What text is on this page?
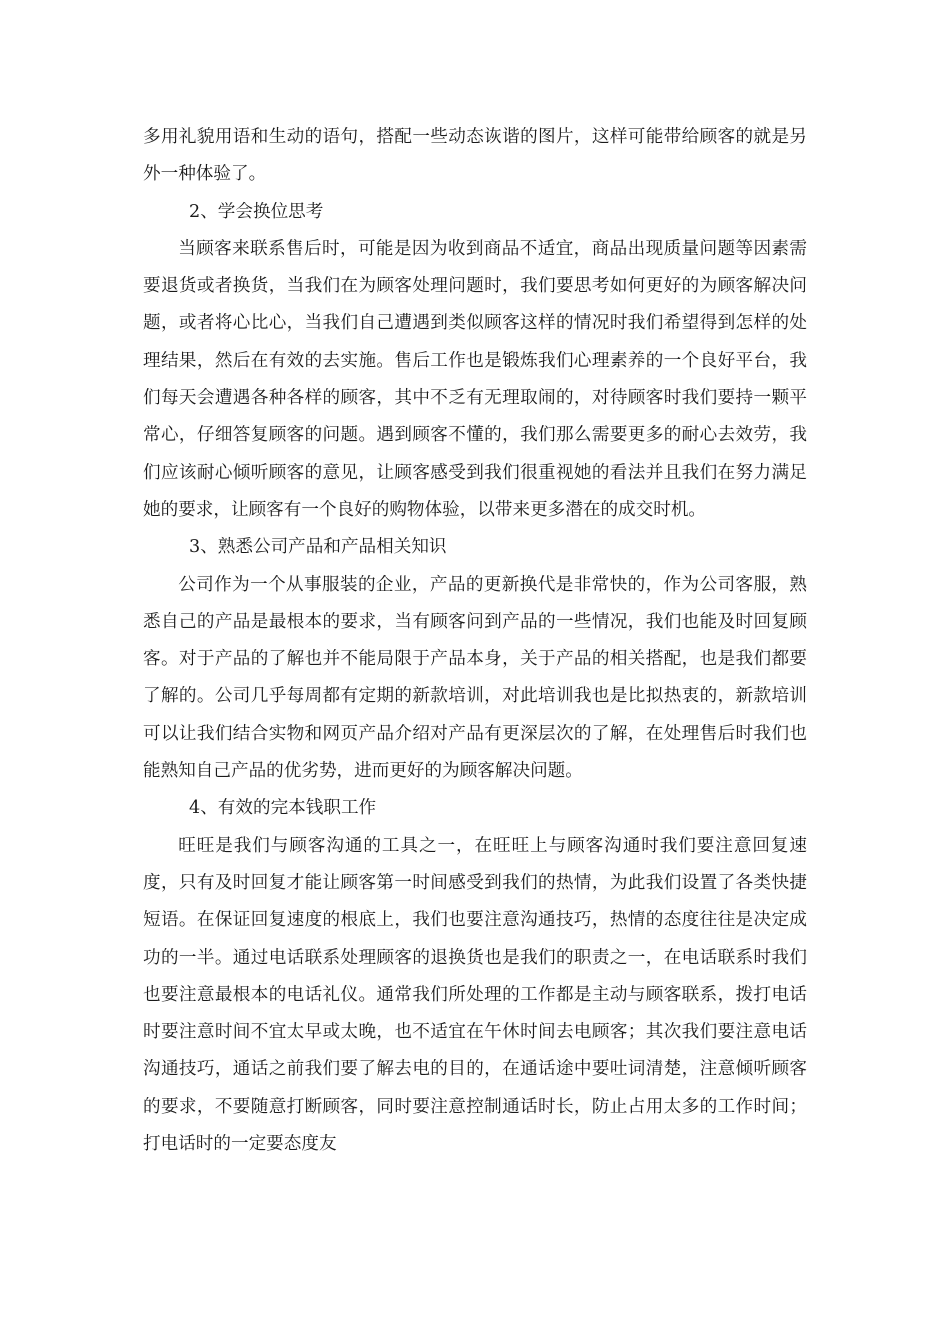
多用礼貌用语和生动的语句，搭配一些动态诙谐的图片，这样可能带给顾客的就是另外一种体验了。

2、学会换位思考

当顾客来联系售后时，可能是因为收到商品不适宜，商品出现质量问题等因素需要退货或者换货，当我们在为顾客处理问题时，我们要思考如何更好的为顾客解决问题，或者将心比心，当我们自己遭遇到类似顾客这样的情况时我们希望得到怎样的处理结果，然后在有效的去实施。售后工作也是锻炼我们心理素养的一个良好平台，我们每天会遭遇各种各样的顾客，其中不乏有无理取闹的，对待顾客时我们要持一颗平常心，仔细答复顾客的问题。遇到顾客不懂的，我们那么需要更多的耐心去效劳，我们应该耐心倾听顾客的意见，让顾客感受到我们很重视她的看法并且我们在努力满足她的要求，让顾客有一个良好的购物体验，以带来更多潜在的成交时机。

3、熟悉公司产品和产品相关知识

公司作为一个从事服装的企业，产品的更新换代是非常快的，作为公司客服，熟悉自己的产品是最根本的要求，当有顾客问到产品的一些情况，我们也能及时回复顾客。对于产品的了解也并不能局限于产品本身，关于产品的相关搭配，也是我们都要了解的。公司几乎每周都有定期的新款培训，对此培训我也是比拟热衷的，新款培训可以让我们结合实物和网页产品介绍对产品有更深层次的了解，在处理售后时我们也能熟知自己产品的优劣势，进而更好的为顾客解决问题。

4、有效的完本钱职工作

旺旺是我们与顾客沟通的工具之一，在旺旺上与顾客沟通时我们要注意回复速度，只有及时回复才能让顾客第一时间感受到我们的热情，为此我们设置了各类快捷短语。在保证回复速度的根底上，我们也要注意沟通技巧，热情的态度往往是决定成功的一半。通过电话联系处理顾客的退换货也是我们的职责之一，在电话联系时我们也要注意最根本的电话礼仪。通常我们所处理的工作都是主动与顾客联系，拨打电话时要注意时间不宜太早或太晚，也不适宜在午休时间去电顾客；其次我们要注意电话沟通技巧，通话之前我们要了解去电的目的，在通话途中要吐词清楚，注意倾听顾客的要求，不要随意打断顾客，同时要注意控制通话时长，防止占用太多的工作时间；打电话时的一定要态度友
